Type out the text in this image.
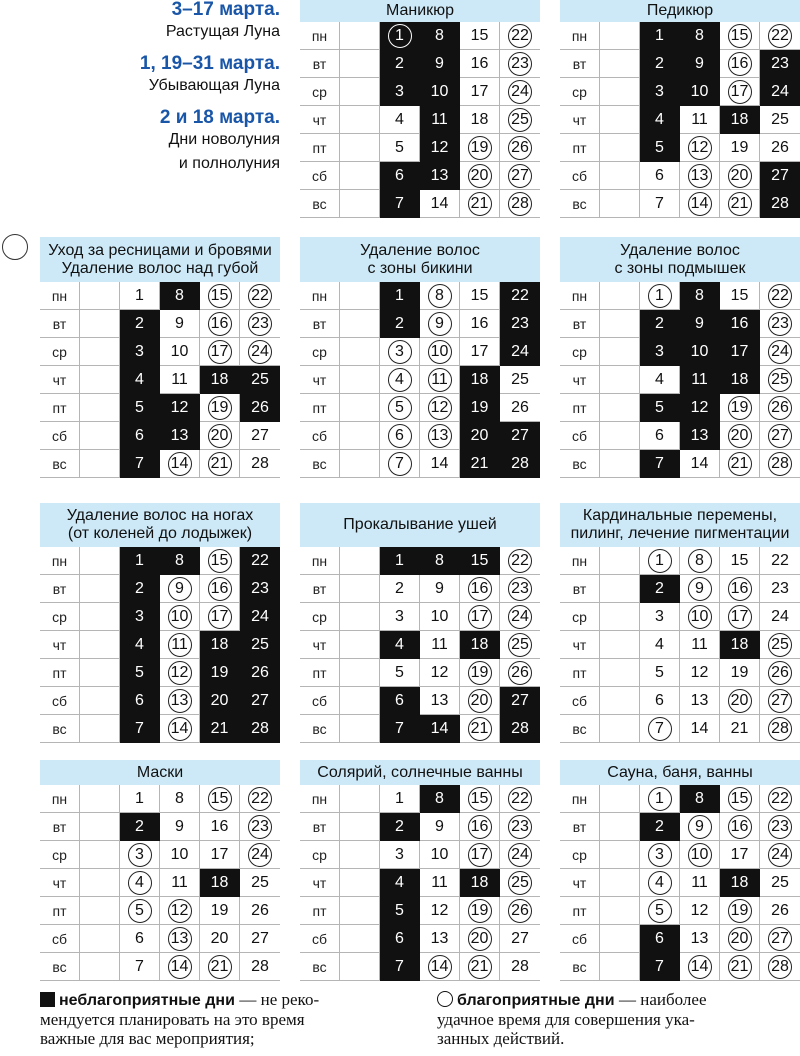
3–17 марта.
Растущая Луна
1, 19–31 марта.
Убывающая Луна
2 и 18 марта.
Дни новолуния
и полнолуния
Маникюр
пн	1	8 15 22
вт	2 9 16 23
ср	3 10 17 24
чт	4 11 18 25
пт	5 12 19 26
сб	6 13 20 27
вс	7 14 21 28
Педикюр
пн	1 8 15 22
вт	2 9 16 23
ср	3 10 17 24
чт	4 11 18 25
пт	5 12 19 26
сб	6 13 20 27
вс	7 14 21 28
Уход за ресницами и бровями
Удаление волос над губой
пн	1 8 15 22
вт	2 9 16 23
ср	3 10 17 24
чт	4 11 18 25
пт	5 12 19 26
сб	6 13 20 27
вс	7 14 21 28
Удаление волос
с зоны бикини
пн	1	8	15 22
вт	2	9	16 23
ср	3	10 17 24
чт	4	11 18 25
пт	5	12 19 26
сб	6	13 20 27
вс	7	14 21 28
Удаление волос
с зоны подмышек
пн	1	8 15 22
вт	2 9 16 23
ср	3 10 17 24
чт	4 11 18 25
пт	5 12 19 26
сб	6 13 20 27
вс	7 14 21 28
Удаление волос на ногах
(от коленей до лодыжек)
пн	1 8 15 22
вт	2	9	16 23
ср	3 10 17 24
чт	4 11 18 25
пт	5 12 19 26
сб	6 13 20 27
вс	7 14 21 28
Прокалывание ушей
пн	1 8 15 22
вт	2 9 16 23
ср	3 10 17 24
чт	4 11 18 25
пт	5 12 19 26
сб	6 13 20 27
вс	7 14 21 28
Кардинальные перемены,
пилинг, лечение пигментации
пн	1	8	15 22
вт	2	9	16 23
ср	3 10 17 24
чт	4 11 18 25
пт	5 12 19 26
сб	6 13 20 27
вс	7	14 21 28
Маски
пн	1 8 15 22
вт	2 9 16 23
ср	3	10 17 24
чт	4	11 18 25
пт	5	12 19 26
сб	6 13 20 27
вс	7 14 21 28
Солярий, солнечные ванны
пн	1 8 15 22
вт	2 9 16 23
ср	3 10 17 24
чт	4 11 18 25
пт	5 12 19 26
сб	6 13 20 27
вс	7 14 21 28
Сауна, баня, ванны
пн	1	8 15 22
вт	2	9	16 23
ср	3	10 17 24
чт	4	11 18 25
пт	5	12 19 26
сб	6 13 20 27
вс	7 14 21 28
неблагоприятные дни — не реко-
мендуется планировать на это время
важные для вас мероприятия;
благоприятные дни — наиболее
удачное время для совершения ука-
занных действий.
